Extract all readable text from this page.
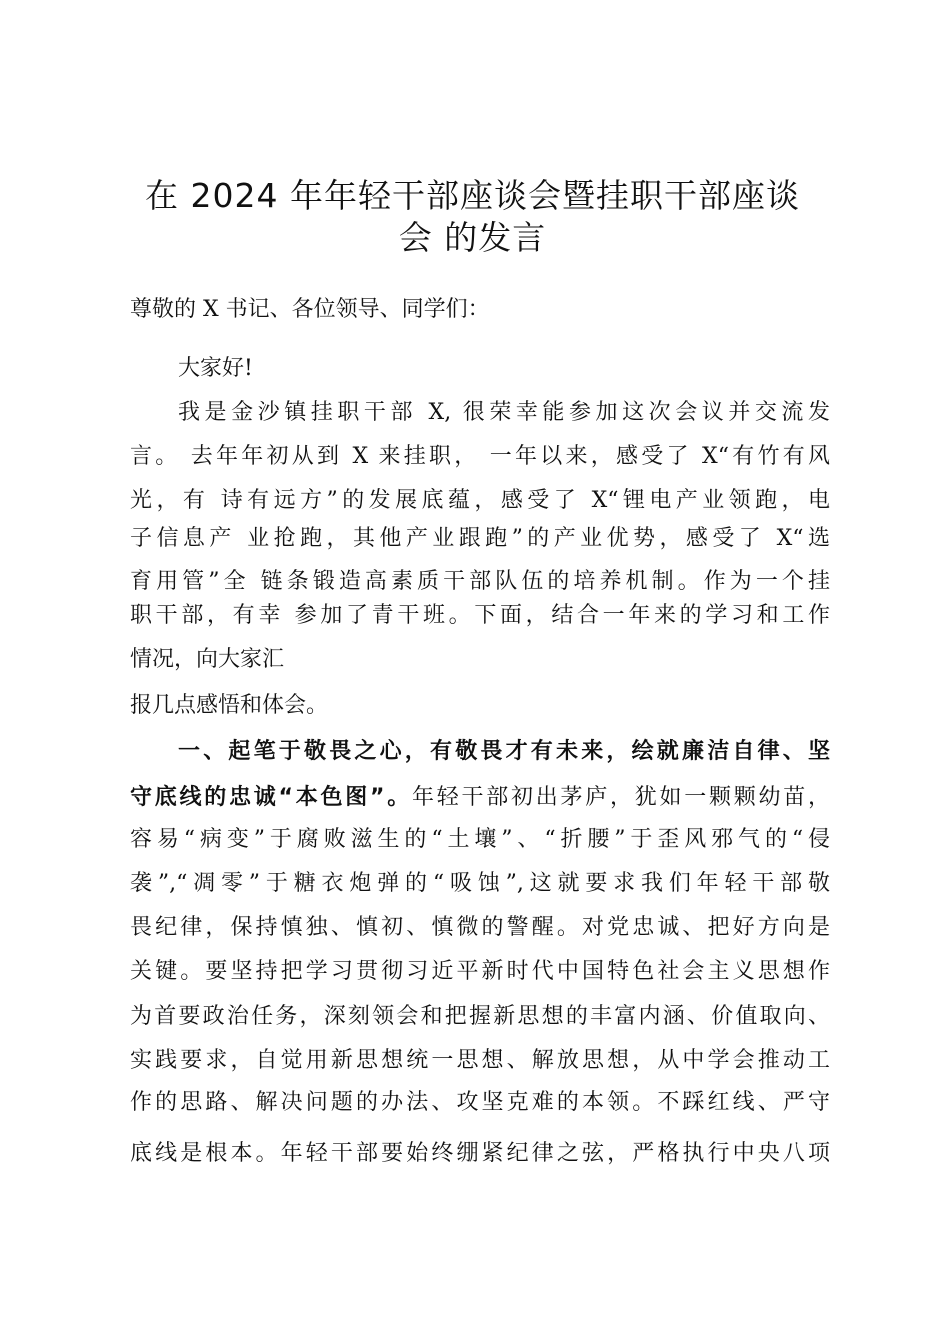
在 2024 年年轻干部座谈会暨挂职干部座谈
会 的发言
尊敬的 X 书记、各位领导、同学们：
大家好!
我是金沙镇挂职干部 X, 很荣幸能参加这次会议并交流发
言。 去年年初从到 X 来挂职， 一年以来，感受了 X“有竹有风
光，有 诗有远方”的发展底蕴，感受了 X“锂电产业领跑，电
子信息产 业抢跑，其他产业跟跑”的产业优势，感受了 X“选
育用管”全 链条锻造高素质干部队伍的培养机制。作为一个挂
职干部，有幸 参加了青干班。下面，结合一年来的学习和工作
情况，向大家汇
报几点感悟和体会。
一、起笔于敬畏之心，有敬畏才有未来，绘就廉洁自律、坚
守底线的忠诚“本色图”。年轻干部初出茅庐，犹如一颗颗幼苗，
容易“病变”于腐败滋生的“土壤”、“折腰”于歪风邪气的“侵
袭”,“凋零”于糖衣炮弹的“吸蚀”,这就要求我们年轻干部敬
畏纪律，保持慎独、慎初、慎微的警醒。对党忠诚、把好方向是
关键。要坚持把学习贯彻习近平新时代中国特色社会主义思想作
为首要政治任务，深刻领会和把握新思想的丰富内涵、价值取向、
实践要求，自觉用新思想统一思想、解放思想，从中学会推动工
作的思路、解决问题的办法、攻坚克难的本领。不踩红线、严守
底线是根本。年轻干部要始终绷紧纪律之弦，严格执行中央八项
